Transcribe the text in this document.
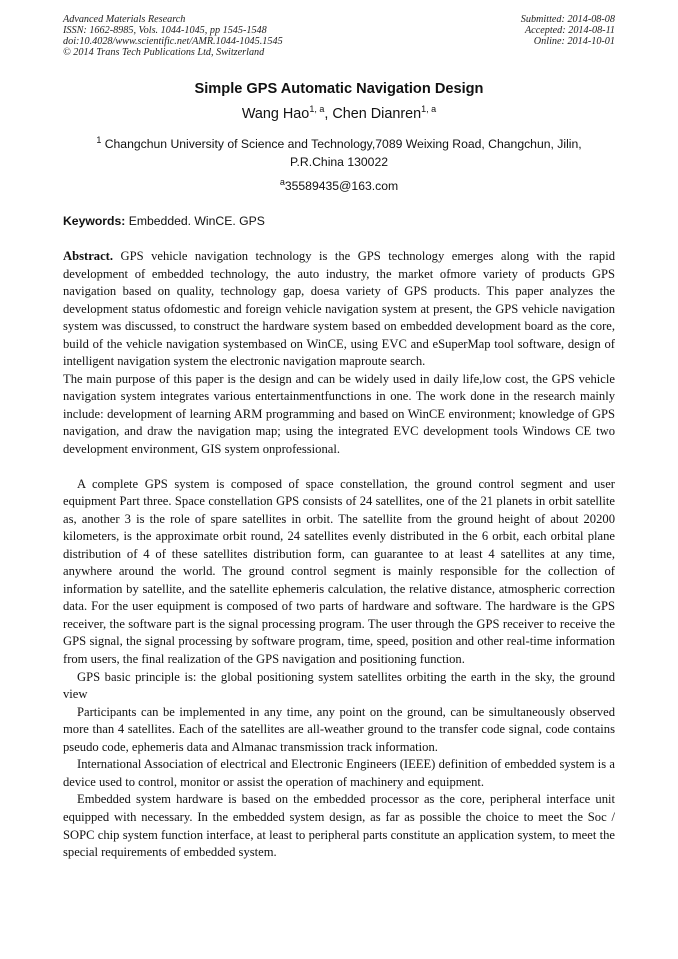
Advanced Materials Research
ISSN: 1662-8985, Vols. 1044-1045, pp 1545-1548
doi:10.4028/www.scientific.net/AMR.1044-1045.1545
© 2014 Trans Tech Publications Ltd, Switzerland
Submitted: 2014-08-08
Accepted: 2014-08-11
Online: 2014-10-01
Simple GPS Automatic Navigation Design
Wang Hao$^{1, a}$, Chen Dianren$^{1, a}$
$^1$ Changchun University of Science and Technology,7089 Weixing Road, Changchun, Jilin, P.R.China 130022
$^a$35589435@163.com
Keywords: Embedded. WinCE. GPS

Abstract. GPS vehicle navigation technology is the GPS technology emerges along with the rapid development of embedded technology, the auto industry, the market ofmore variety of products GPS navigation based on quality, technology gap, doesa variety of GPS products. This paper analyzes the development status ofdomestic and foreign vehicle navigation system at present, the GPS vehicle navigation system was discussed, to construct the hardware system based on embedded development board as the core, build of the vehicle navigation systembased on WinCE, using EVC and eSuperMap tool software, design of intelligent navigation system the electronic navigation maproute search.

The main purpose of this paper is the design and can be widely used in daily life,low cost, the GPS vehicle navigation system integrates various entertainmentfunctions in one. The work done in the research mainly include: development of learning ARM programming and based on WinCE environment; knowledge of GPS navigation, and draw the navigation map; using the integrated EVC development tools Windows CE two development environment, GIS system onprofessional.

A complete GPS system is composed of space constellation, the ground control segment and user equipment Part three. Space constellation GPS consists of 24 satellites, one of the 21 planets in orbit satellite as, another 3 is the role of spare satellites in orbit. The satellite from the ground height of about 20200 kilometers, is the approximate orbit round, 24 satellites evenly distributed in the 6 orbit, each orbital plane distribution of 4 of these satellites distribution form, can guarantee to at least 4 satellites at any time, anywhere around the world. The ground control segment is mainly responsible for the collection of information by satellite, and the satellite ephemeris calculation, the relative distance, atmospheric correction data. For the user equipment is composed of two parts of hardware and software. The hardware is the GPS receiver, the software part is the signal processing program. The user through the GPS receiver to receive the GPS signal, the signal processing by software program, time, speed, position and other real-time information from users, the final realization of the GPS navigation and positioning function.

GPS basic principle is: the global positioning system satellites orbiting the earth in the sky, the ground view

Participants can be implemented in any time, any point on the ground, can be simultaneously observed more than 4 satellites. Each of the satellites are all-weather ground to the transfer code signal, code contains pseudo code, ephemeris data and Almanac transmission track information.

International Association of electrical and Electronic Engineers (IEEE) definition of embedded system is a device used to control, monitor or assist the operation of machinery and equipment.

Embedded system hardware is based on the embedded processor as the core, peripheral interface unit equipped with necessary. In the embedded system design, as far as possible the choice to meet the Soc / SOPC chip system function interface, at least to peripheral parts constitute an application system, to meet the special requirements of embedded system.
